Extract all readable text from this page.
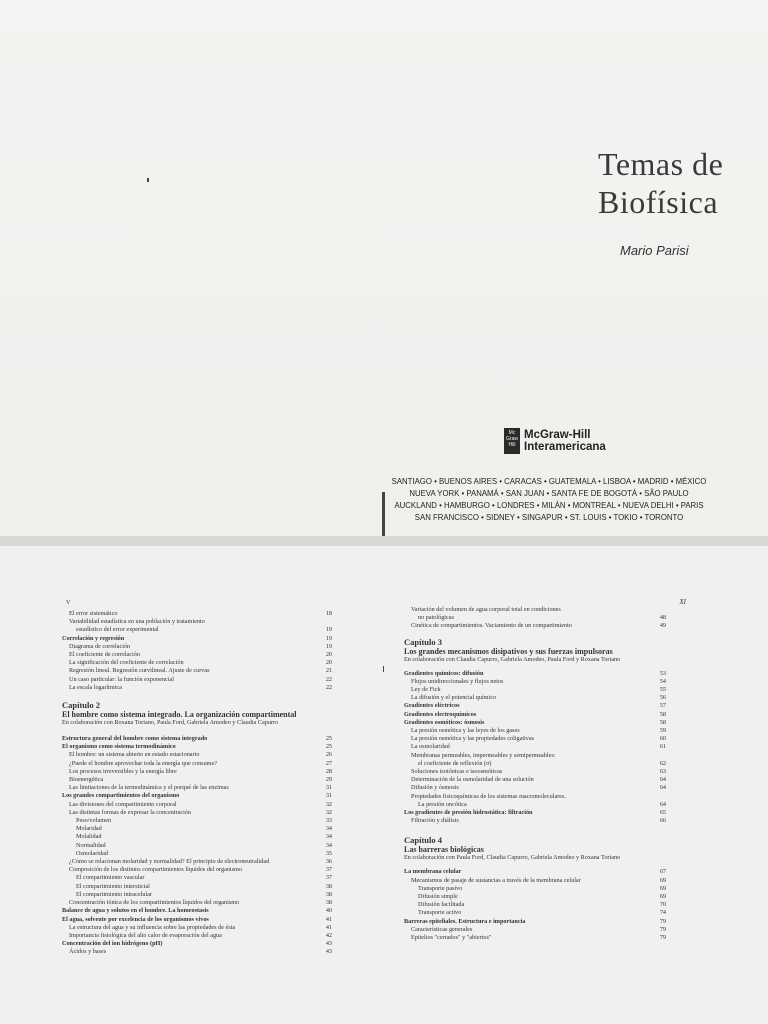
Temas de
Biofísica
Mario Parisi
Mc Graw Hill
McGraw-Hill
Interamericana
SANTIAGO • BUENOS AIRES • CARACAS • GUATEMALA • LISBOA • MADRID • MÉXICO
NUEVA YORK • PANAMÁ • SAN JUAN • SANTA FE DE BOGOTÁ • SÃO PAULO
AUCKLAND • HAMBURGO • LONDRES • MILÁN • MONTREAL • NUEVA DELHI • PARIS
SAN FRANCISCO • SIDNEY • SINGAPUR • ST. LOUIS • TOKIO • TORONTO
V
El error sistemático	18
Variabilidad estadística en una población y tratamiento
estadístico del error experimental	19
Correlación y regresión	19
Diagrama de correlación	19
El coeficiente de correlación	20
La significación del coeficiente de correlación	20
Regresión lineal. Regresión curvilineal. Ajuste de curvas	21
Un caso particular: la función exponencial	22
La escala logarítmica	22
Capítulo 2
El hombre como sistema integrado. La organización compartimental
En colaboración con Roxana Toriano, Paula Ford, Gabriela Amodeo y Claudia Capurro
Estructura general del hombre como sistema integrado	25
El organismo como sistema termodinámico	25
El hombre: un sistema abierto en estado estacionario	26
¿Puede el hombre aprovechar toda la energía que consume?	27
Los procesos irreversibles y la energía libre	28
Bioenergética	29
Las limitaciones de la termodinámica y el porqué de las enzimas	31
Los grandes compartimientos del organismo	31
Las divisiones del compartimiento corporal	32
Las distintas formas de expresar la concentración	32
Peso/volumen	33
Molaridad	34
Molalidad	34
Normalidad	34
Osmolaridad	35
¿Cómo se relacionan molaridad y normalidad? El principio de electroneutralidad	36
Composición de los distintos compartimientos líquidos del organismo	37
El compartimiento vascular	37
El compartimiento intersticial	38
El compartimiento intracelular	38
Concentración iónica de los compartimientos líquidos del organismo	38
Balance de agua y solutos en el hombre. La homeostasis	40
El agua, solvente por excelencia de los organismos vivos	41
La estructura del agua y su influencia sobre las propiedades de ésta	41
Importancia fisiológica del alto calor de evaporación del agua	42
Concentración del ion hidrógeno (pH)	43
Ácidos y bases	43
XI
Variación del volumen de agua corporal total en condiciones
no patológicas	48
Cinética de compartimientos. Vaciamiento de un compartimiento	49
Capítulo 3
Los grandes mecanismos disipativos y sus fuerzas impulsoras
En colaboración con Claudia Capurro, Gabriela Amodeo, Paula Ford y Roxana Toriano
Gradientes químicos: difusión	53
Flujos unidireccionales y flujos netos	54
Ley de Fick	55
La difusión y el potencial químico	56
Gradientes eléctricos	57
Gradientes electroquímicos	58
Gradientes osmóticos: ósmosis	58
La presión osmótica y las leyes de los gases	59
La presión osmótica y las propiedades coligativas	60
La osmolaridad	61
Membranas permeables, impermeables y semipermeables:
el coeficiente de reflexión (σ)	62
Soluciones isotónicas e isoosmóticas	63
Determinación de la osmolaridad de una solución	64
Difusión y ósmosis	64
Propiedades fisicoquímicas de los sistemas macromoleculares.
La presión oncótica	64
Los gradientes de presión hidrostática: filtración	65
Filtración y diálisis	66
Capítulo 4
Las barreras biológicas
En colaboración con Paula Ford, Claudia Capurro, Gabriela Amodeo y Roxana Toriano
La membrana celular	67
Mecanismos de pasaje de sustancias a través de la membrana celular	69
Transporte pasivo	69
Difusión simple	69
Difusión facilitada	70
Transporte activo	74
Barreras epiteliales. Estructura e importancia	79
Características generales	79
Epitelios "cerrados" y "abiertos"	79
